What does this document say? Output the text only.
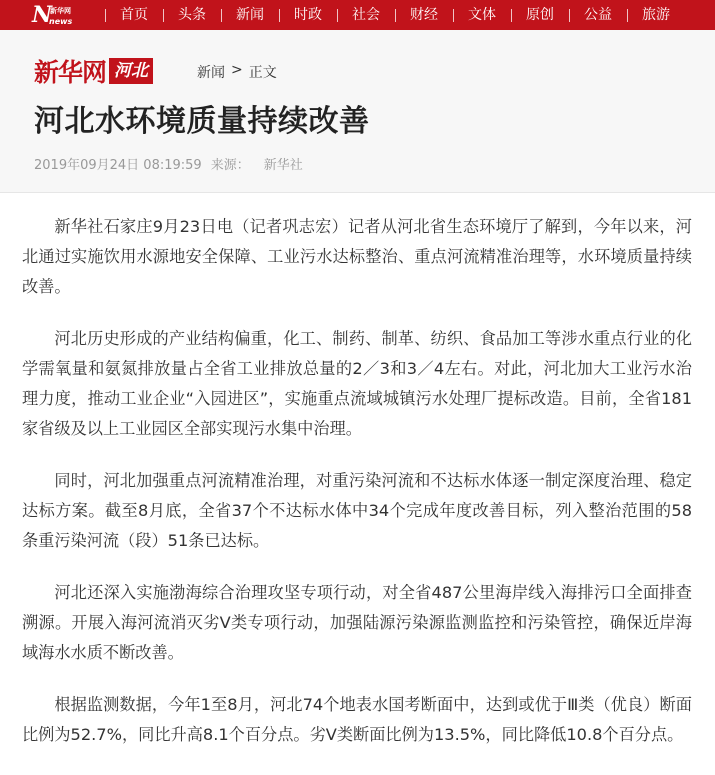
N
新华网
news	首页	头条	新闻	时政	社会	财经	文体	原创	公益	旅游
新华网 河北	新闻 > 正文
河北水环境质量持续改善
2019年09月24日 08:19:59 来源： 新华社

新华社石家庄9月23日电（记者巩志宏）记者从河北省生态环境厅了解到，今年以来，河北通过实施饮用水源地安全保障、工业污水达标整治、重点河流精准治理等，水环境质量持续改善。

河北历史形成的产业结构偏重，化工、制药、制革、纺织、食品加工等涉水重点行业的化学需氧量和氨氮排放量占全省工业排放总量的2／3和3／4左右。对此，河北加大工业污水治理力度，推动工业企业“入园进区”，实施重点流域城镇污水处理厂提标改造。目前，全省181家省级及以上工业园区全部实现污水集中治理。

同时，河北加强重点河流精准治理，对重污染河流和不达标水体逐一制定深度治理、稳定达标方案。截至8月底，全省37个不达标水体中34个完成年度改善目标，列入整治范围的58条重污染河流（段）51条已达标。

河北还深入实施渤海综合治理攻坚专项行动，对全省487公里海岸线入海排污口全面排查溯源。开展入海河流消灭劣V类专项行动，加强陆源污染源监测监控和污染管控，确保近岸海域海水水质不断改善。

根据监测数据，今年1至8月，河北74个地表水国考断面中，达到或优于Ⅲ类（优良）断面比例为52.7%，同比升高8.1个百分点。劣Ⅴ类断面比例为13.5%，同比降低10.8个百分点。
